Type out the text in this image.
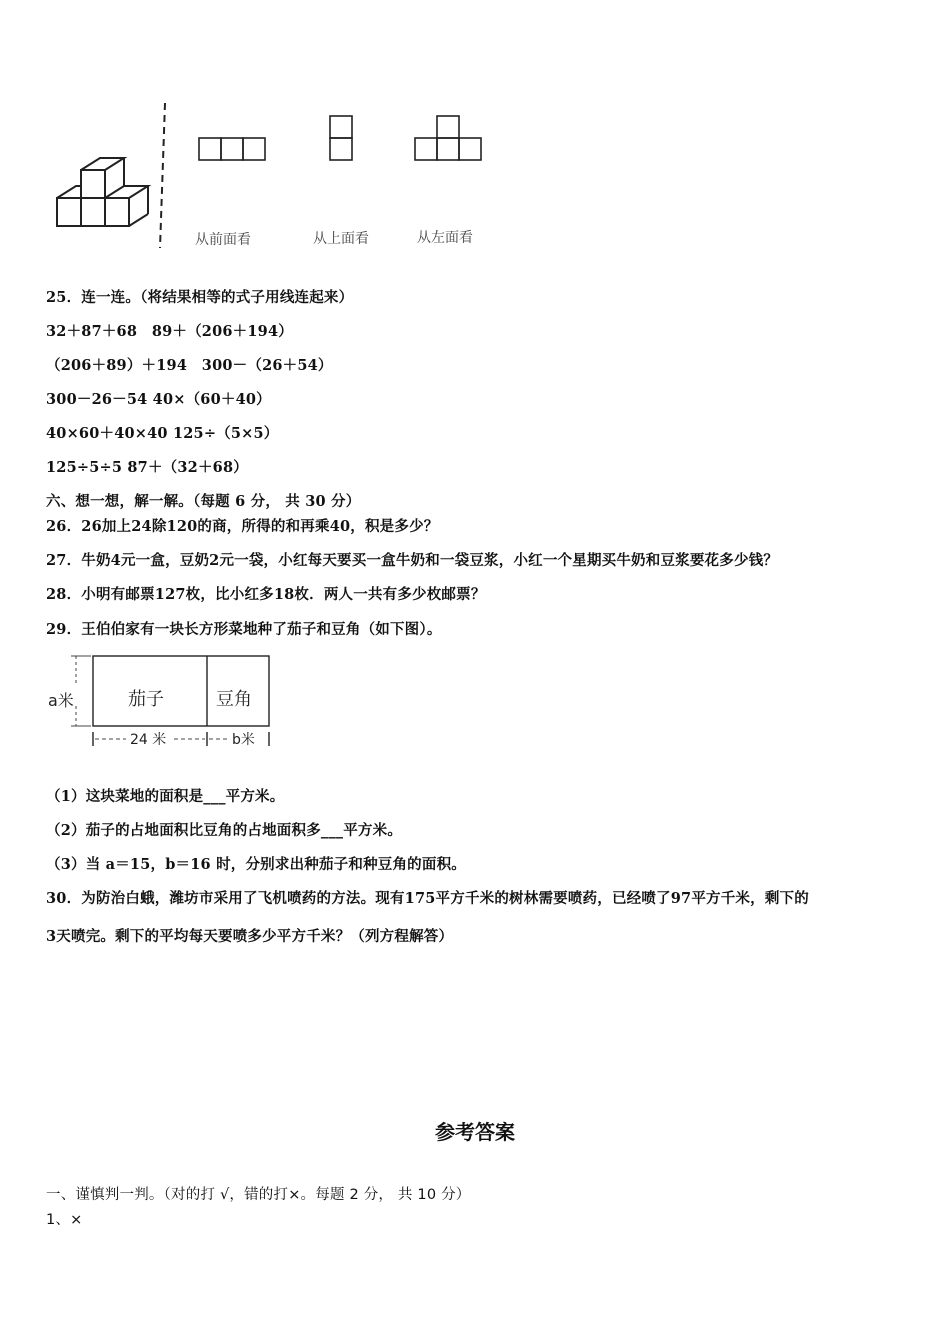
从前面看	从上面看	从左面看
25．连一连。（将结果相等的式子用线连起来）
32＋87＋68　89＋（206＋194）
（206＋89）＋194　300－（26＋54）
300－26－54 40×（60＋40）
40×60＋40×40 125÷（5×5）
125÷5÷5 87＋（32＋68）
六、想一想，解一解。（每题 6 分， 共 30 分）
26．26加上24除120的商，所得的和再乘40，积是多少？
27．牛奶4元一盒，豆奶2元一袋，小红每天要买一盒牛奶和一袋豆浆，小红一个星期买牛奶和豆浆要花多少钱？
28．小明有邮票127枚，比小红多18枚．两人一共有多少枚邮票？
29．王伯伯家有一块长方形菜地种了茄子和豆角（如下图）。
茄子	豆角
a米
24 米	b米
（1）这块菜地的面积是___平方米。
（2）茄子的占地面积比豆角的占地面积多___平方米。
（3）当 a＝15，b＝16 时，分别求出种茄子和种豆角的面积。
30．为防治白蛾，潍坊市采用了飞机喷药的方法。现有175平方千米的树林需要喷药，已经喷了97平方千米，剩下的
3天喷完。剩下的平均每天要喷多少平方千米？（列方程解答）
参考答案
一、谨慎判一判。（对的打 √，错的打×。每题 2 分， 共 10 分）
1、×
